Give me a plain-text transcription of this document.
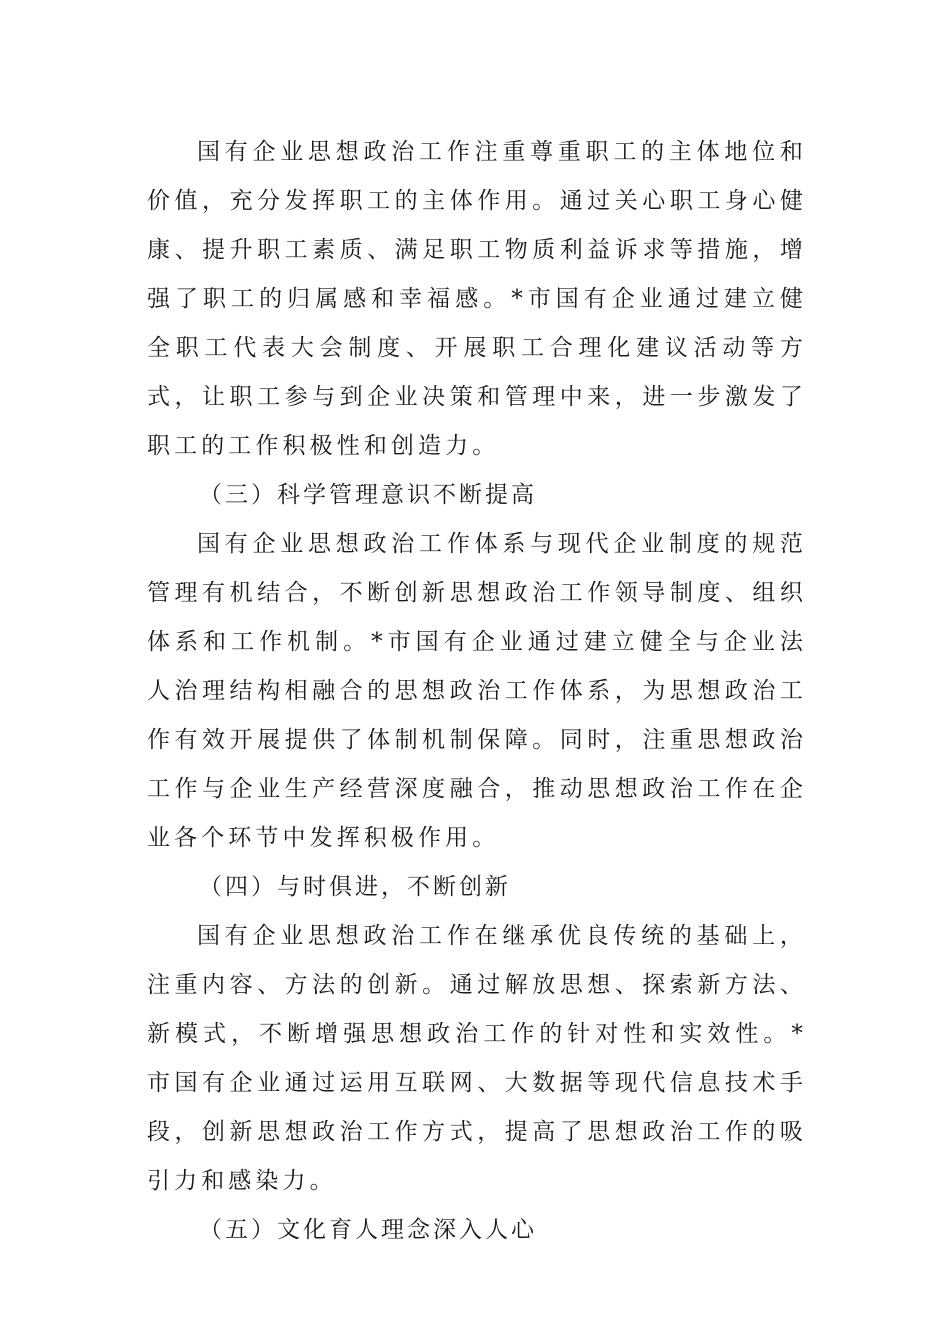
国有企业思想政治工作注重尊重职工的主体地位和价值，充分发挥职工的主体作用。通过关心职工身心健康、提升职工素质、满足职工物质利益诉求等措施，增强了职工的归属感和幸福感。*市国有企业通过建立健全职工代表大会制度、开展职工合理化建议活动等方式，让职工参与到企业决策和管理中来，进一步激发了职工的工作积极性和创造力。
（三）科学管理意识不断提高
国有企业思想政治工作体系与现代企业制度的规范管理有机结合，不断创新思想政治工作领导制度、组织体系和工作机制。*市国有企业通过建立健全与企业法人治理结构相融合的思想政治工作体系，为思想政治工作有效开展提供了体制机制保障。同时，注重思想政治工作与企业生产经营深度融合，推动思想政治工作在企业各个环节中发挥积极作用。
（四）与时俱进，不断创新
国有企业思想政治工作在继承优良传统的基础上，注重内容、方法的创新。通过解放思想、探索新方法、新模式，不断增强思想政治工作的针对性和实效性。*市国有企业通过运用互联网、大数据等现代信息技术手段，创新思想政治工作方式，提高了思想政治工作的吸引力和感染力。
（五）文化育人理念深入人心
